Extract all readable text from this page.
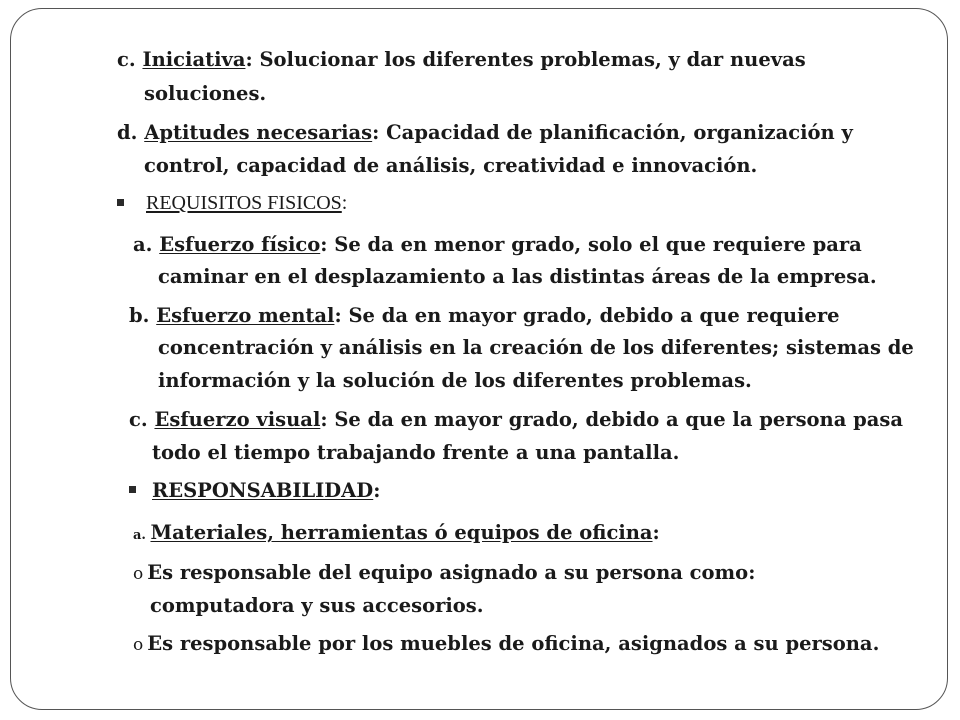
c. Iniciativa: Solucionar los diferentes problemas, y dar nuevas
soluciones.
d. Aptitudes necesarias: Capacidad de planificación, organización y
control, capacidad de análisis, creatividad e innovación.
REQUISITOS FISICOS:
a. Esfuerzo físico: Se da en menor grado, solo el que requiere para
caminar en el desplazamiento a las distintas áreas de la empresa.
b. Esfuerzo mental: Se da en mayor grado, debido a que requiere
concentración y análisis en la creación de los diferentes; sistemas de
información y la solución de los diferentes problemas.
c. Esfuerzo visual: Se da en mayor grado, debido a que la persona pasa
todo el tiempo trabajando frente a una pantalla.
RESPONSABILIDAD:
a. Materiales, herramientas ó equipos de oficina:
o Es responsable del equipo asignado a su persona como:
computadora y sus accesorios.
o Es responsable por los muebles de oficina, asignados a su persona.
